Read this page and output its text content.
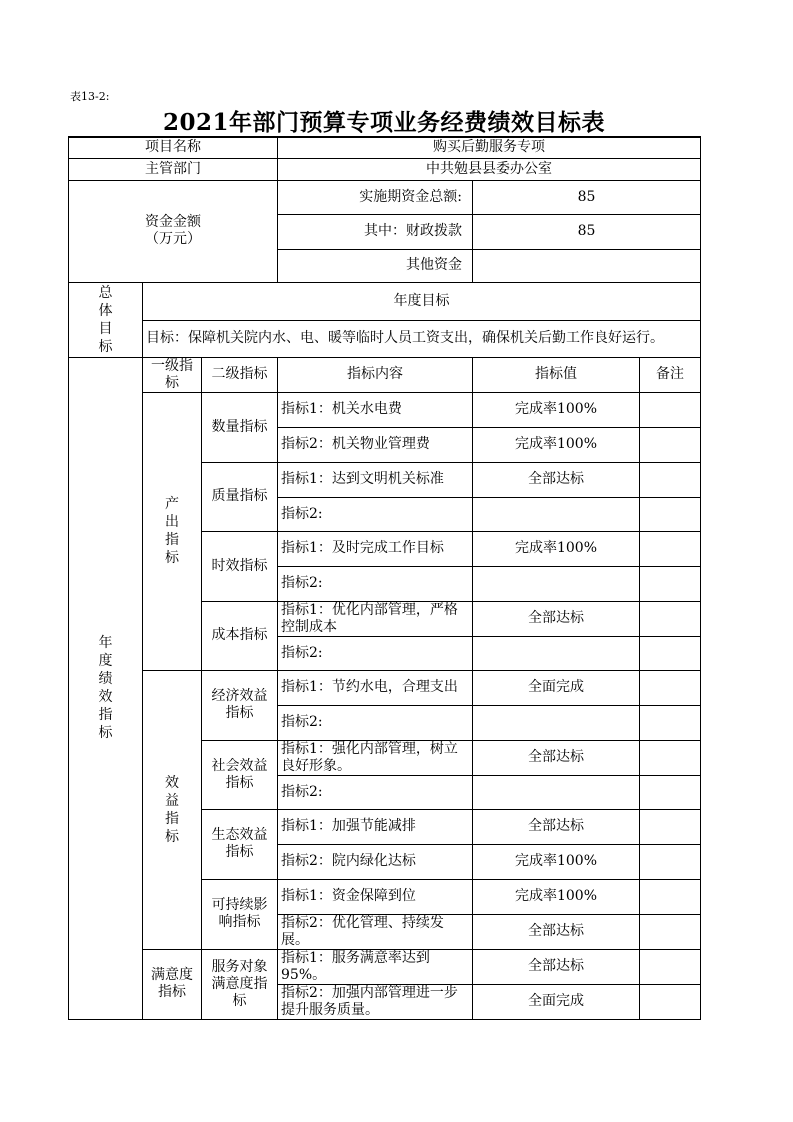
表13-2:
2021年部门预算专项业务经费绩效目标表
项目名称			购买后勤服务专项		
主管部门			中共勉县县委办公室		

资金金额
（万元）			实施期资金总额:	85	
			其中：财政拨款	85	
			其他资金		
总体目标	年度目标				
	目标：保障机关院内水、电、暖等临时人员工资支出，确保机关后勤工作良好运行。				
年度绩效指标	一级指标	二级指标	指标内容	指标值	备注
	产出指标	数量指标	指标1：机关水电费	完成率100%	
			指标2：机关物业管理费	完成率100%	
		质量指标	指标1：达到文明机关标准	全部达标	
			指标2:		
		时效指标	指标1：及时完成工作目标	完成率100%	
			指标2:		
		成本指标	指标1：优化内部管理，严格控制成本	全部达标	
			指标2:		
	效益指标	经济效益指标	指标1：节约水电，合理支出	全面完成	
			指标2:		
		社会效益指标	指标1：强化内部管理，树立良好形象。	全部达标	
			指标2:		
		生态效益指标	指标1：加强节能减排	全部达标	
			指标2：院内绿化达标	完成率100%	
		可持续影响指标	指标1：资金保障到位	完成率100%	
			指标2：优化管理、持续发展。	全部达标	
	满意度指标	服务对象满意度指标	指标1：服务满意率达到95%。	全部达标	
			指标2：加强内部管理进一步提升服务质量。	全面完成	
